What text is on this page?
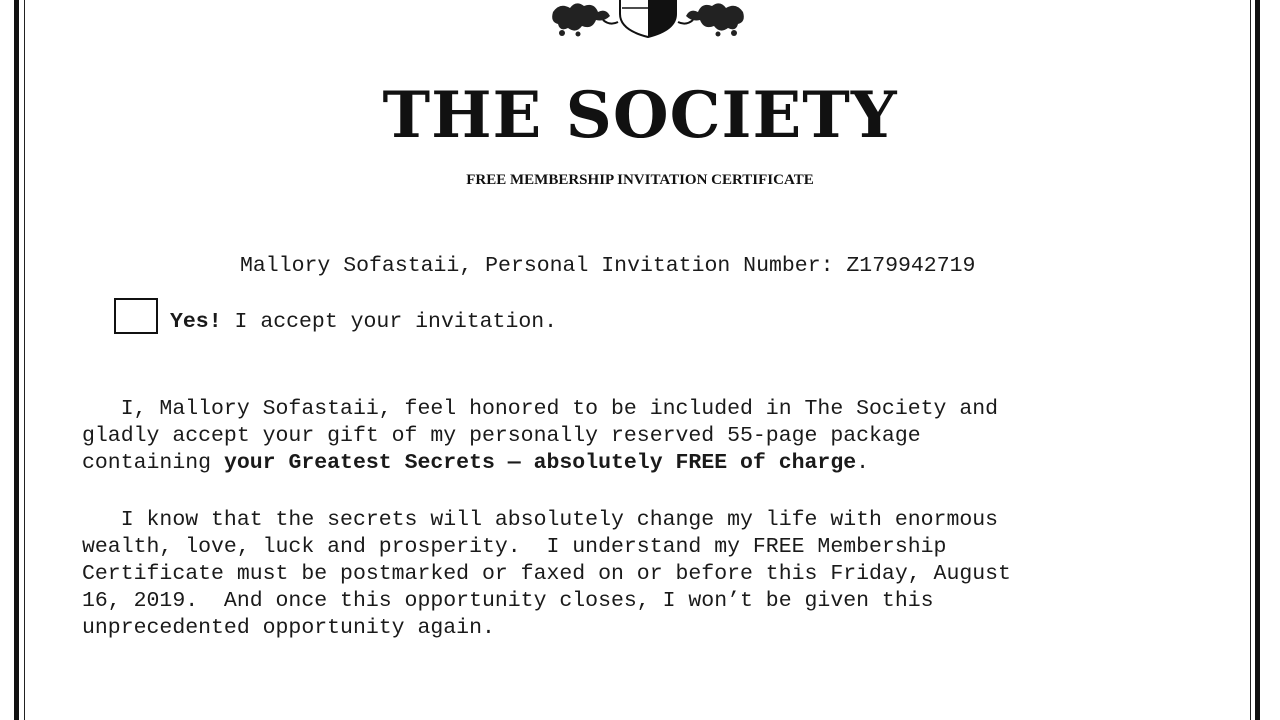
THE SOCIETY
FREE MEMBERSHIP INVITATION CERTIFICATE
Mallory Sofastaii, Personal Invitation Number: Z179942719
Yes! I accept your invitation.
I, Mallory Sofastaii, feel honored to be included in The Society and
gladly accept your gift of my personally reserved 55-page package
containing your Greatest Secrets — absolutely FREE of charge.
I know that the secrets will absolutely change my life with enormous
wealth, love, luck and prosperity.  I understand my FREE Membership
Certificate must be postmarked or faxed on or before this Friday, August
16, 2019.  And once this opportunity closes, I won’t be given this
unprecedented opportunity again.
